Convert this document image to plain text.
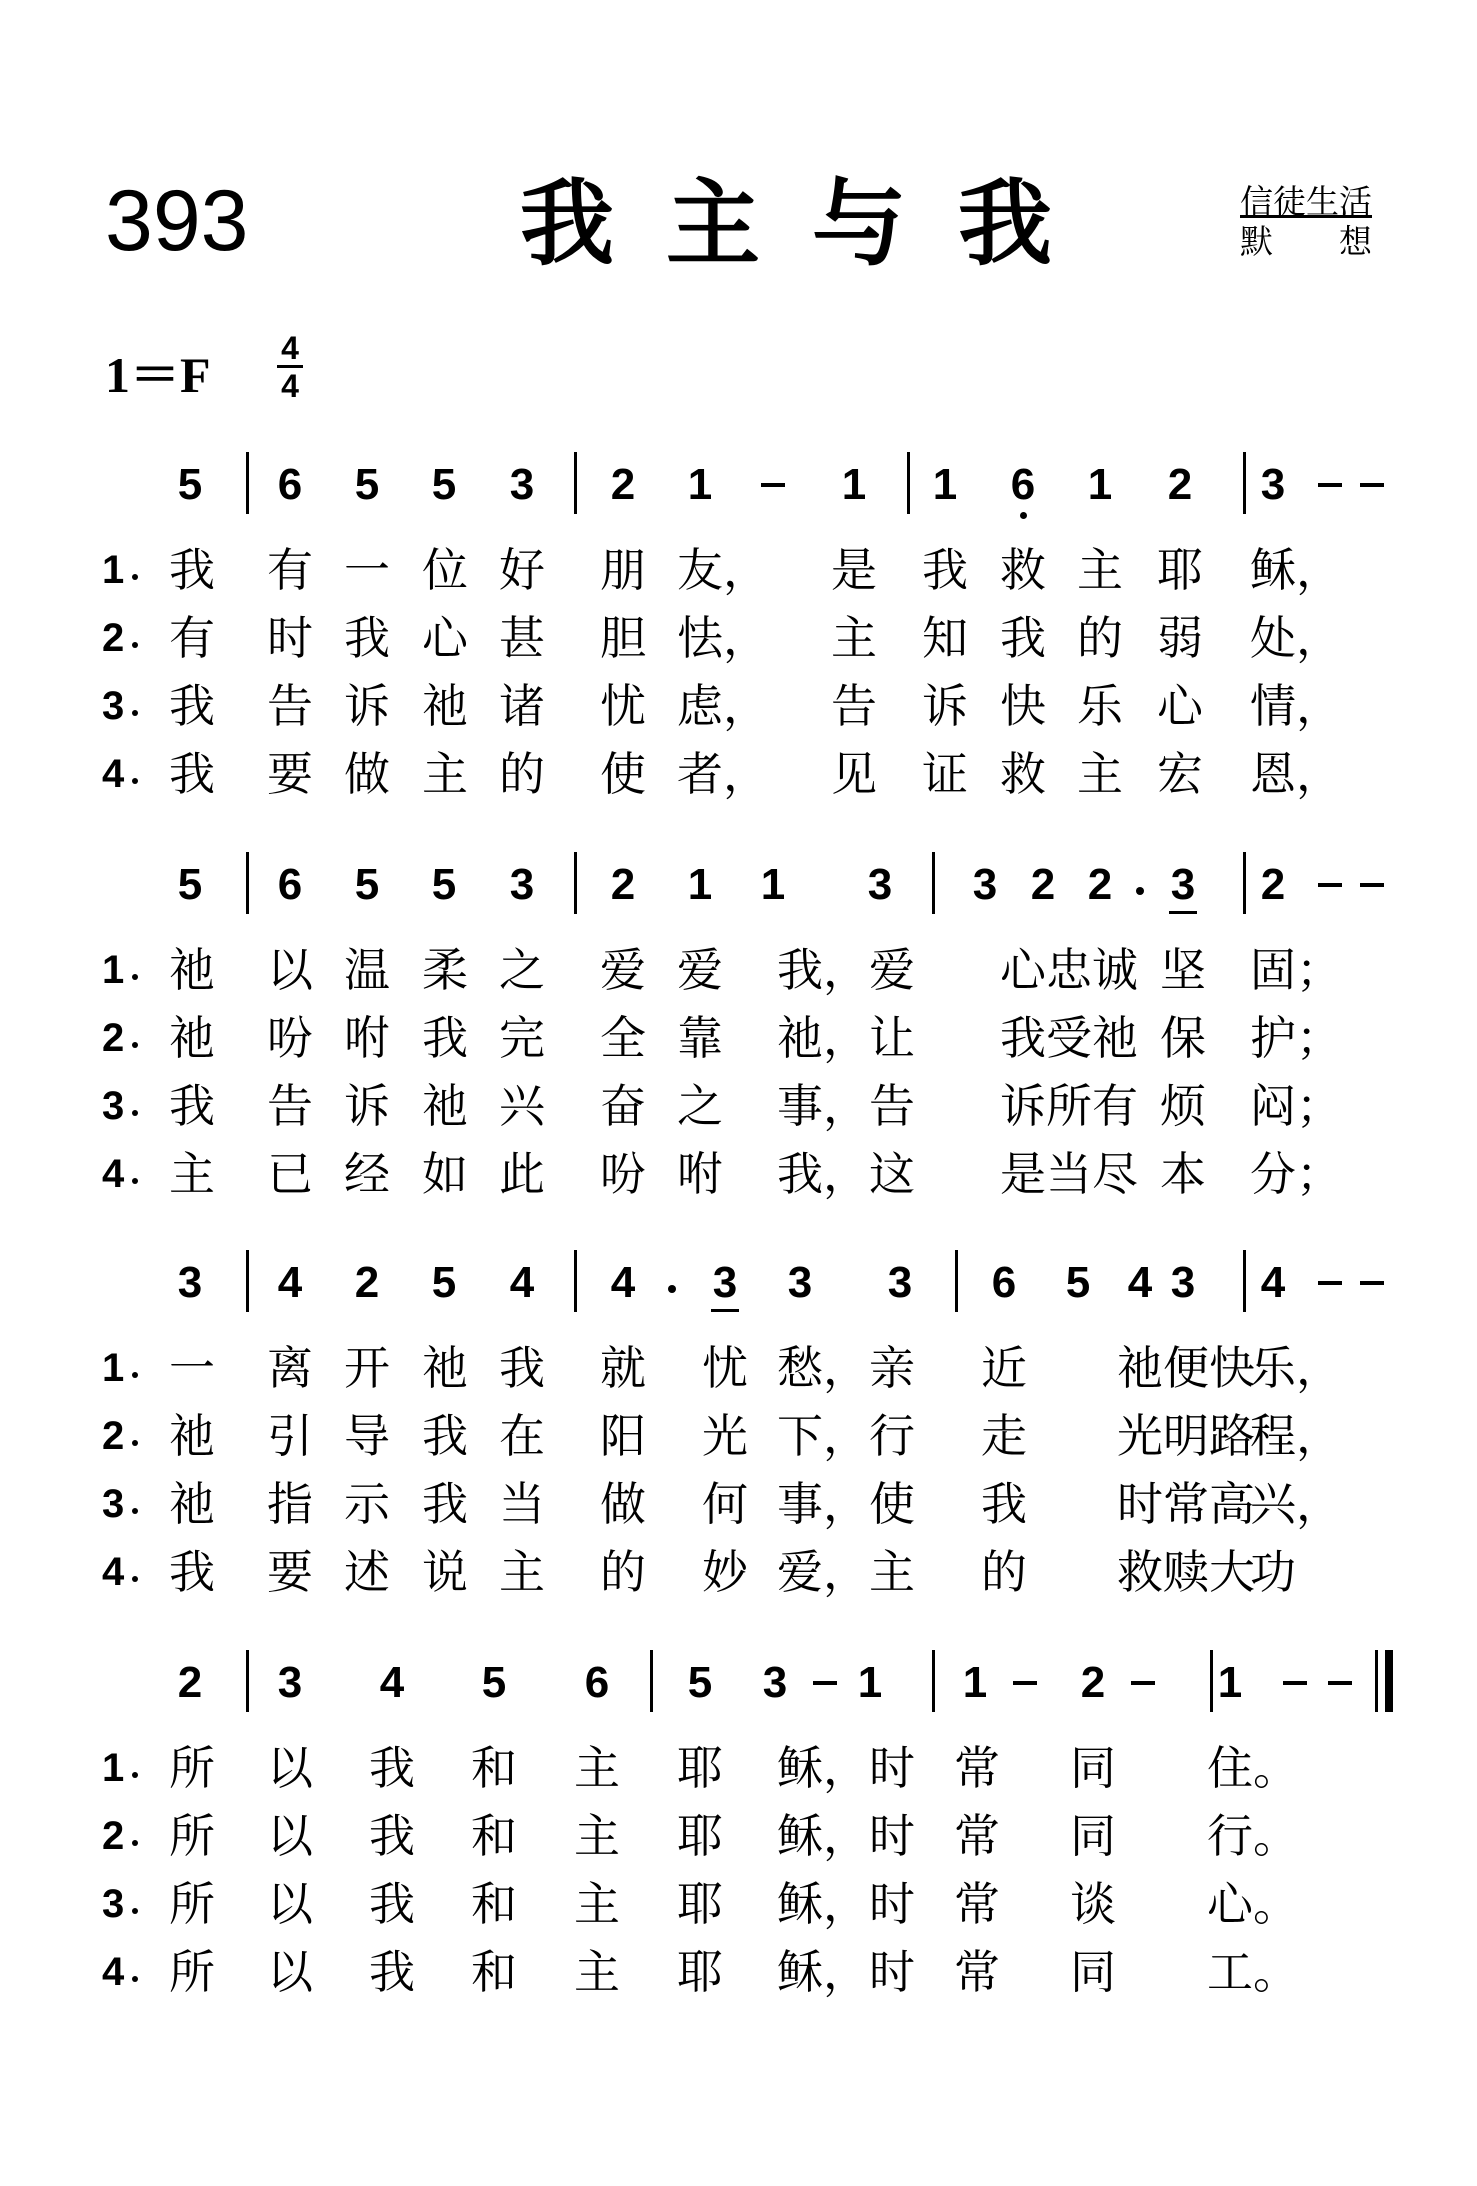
393	我主与我	信徒生活
默　　想
1＝F 4
4
5 6 5 5 3 2 1	1 1 6 1 2 3
1 我 有 一 位 好 朋 友， 是 我 救 主 耶 稣，
2 有 时 我 心 甚 胆 怯， 主 知 我 的 弱 处，
3 我 告 诉 祂 诸 忧 虑， 告 诉 快 乐 心 情，
4 我 要 做 主 的 使 者， 见 证 救 主 宏 恩，
5 6 5 5 3 2 1 1 3 3 2 2 3 2
1 祂 以 温 柔 之 爱 爱 我，爱 心忠诚 坚 固；
2 祂 吩 咐 我 完 全 靠 祂，让 我受祂 保 护；
3 我 告 诉 祂 兴 奋 之 事，告 诉所有 烦 闷；
4 主 已 经 如 此 吩 咐 我，这 是当尽 本 分；
3 4 2 5 4 4 3 3 3 6 5 4 3 4
1 一 离 开 祂 我 就 忧 愁，亲 近 祂便快
乐，
2 祂 引 导 我 在 阳 光 下，行 走 光明路
程，
3 祂 指 示 我 当 做 何 事，使 我 时常高
兴，
4 我 要 述 说 主 的 妙 爱，主 的 救赎大
功
2 3 4 5 6 5 3 1 1 2	1
1 所 以 我 和 主 耶 稣，时 常 同 住。
2 所 以 我 和 主 耶 稣，时 常 同 行。
3 所 以 我 和 主 耶 稣，时 常 谈 心。
4 所 以 我 和 主 耶 稣，时 常 同 工。
